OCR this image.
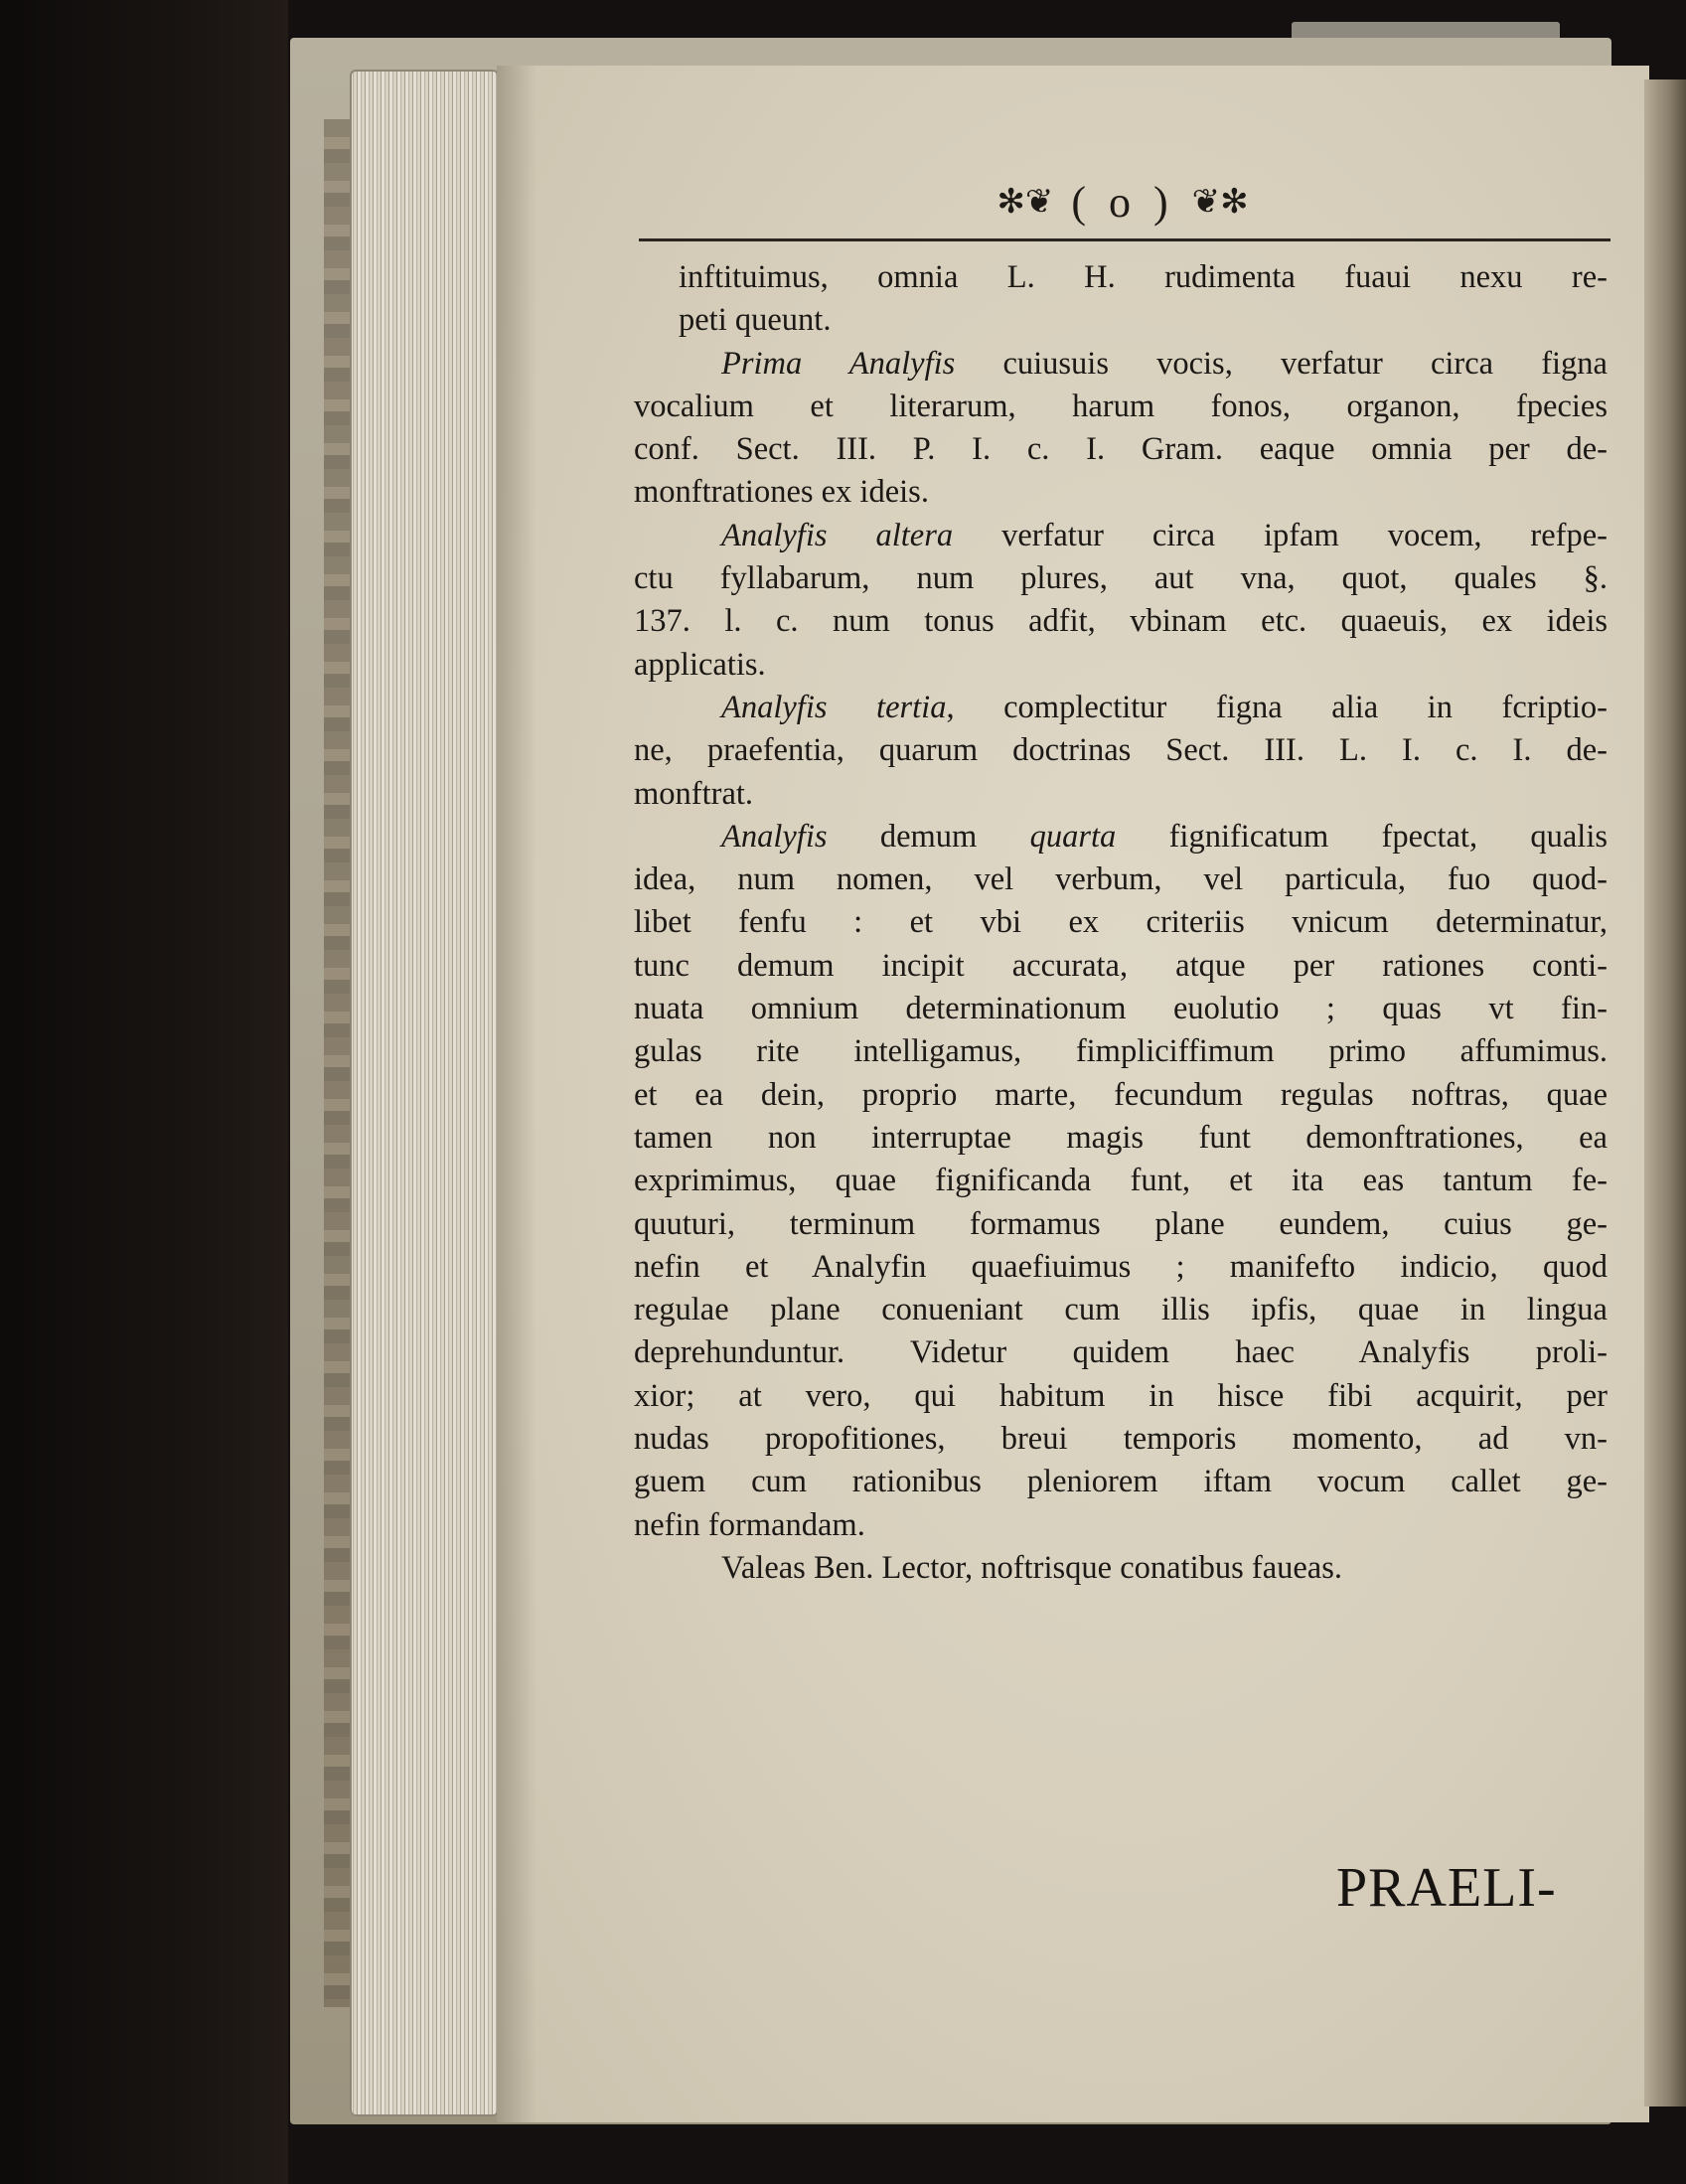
✻❦ ( o ) ❦✻
inftituimus, omnia L. H. rudimenta fuaui nexu re-
peti queunt.
Prima Analyfis cuiusuis vocis, verfatur circa figna
vocalium et literarum, harum fonos, organon, fpecies
conf. Sect. III. P. I. c. I. Gram. eaque omnia per de-
monftrationes ex ideis.
Analyfis altera verfatur circa ipfam vocem, refpe-
ctu fyllabarum, num plures, aut vna, quot, quales §.
137. l. c. num tonus adfit, vbinam etc. quaeuis, ex ideis
applicatis.
Analyfis tertia, complectitur figna alia in fcriptio-
ne, praefentia, quarum doctrinas Sect. III. L. I. c. I. de-
monftrat.
Analyfis demum quarta fignificatum fpectat, qualis
idea, num nomen, vel verbum, vel particula, fuo quod-
libet fenfu : et vbi ex criteriis vnicum determinatur,
tunc demum incipit accurata, atque per rationes conti-
nuata omnium determinationum euolutio ; quas vt fin-
gulas rite intelligamus, fimpliciffimum primo affumimus.
et ea dein, proprio marte, fecundum regulas noftras, quae
tamen non interruptae magis funt demonftrationes, ea
exprimimus, quae fignificanda funt, et ita eas tantum fe-
quuturi, terminum formamus plane eundem, cuius ge-
nefin et Analyfin quaefiuimus ; manifefto indicio, quod
regulae plane conueniant cum illis ipfis, quae in lingua
deprehunduntur. Videtur quidem haec Analyfis proli-
xior; at vero, qui habitum in hisce fibi acquirit, per
nudas propofitiones, breui temporis momento, ad vn-
guem cum rationibus pleniorem iftam vocum callet ge-
nefin formandam.
Valeas Ben. Lector, noftrisque conatibus faueas.
PRAELI-
